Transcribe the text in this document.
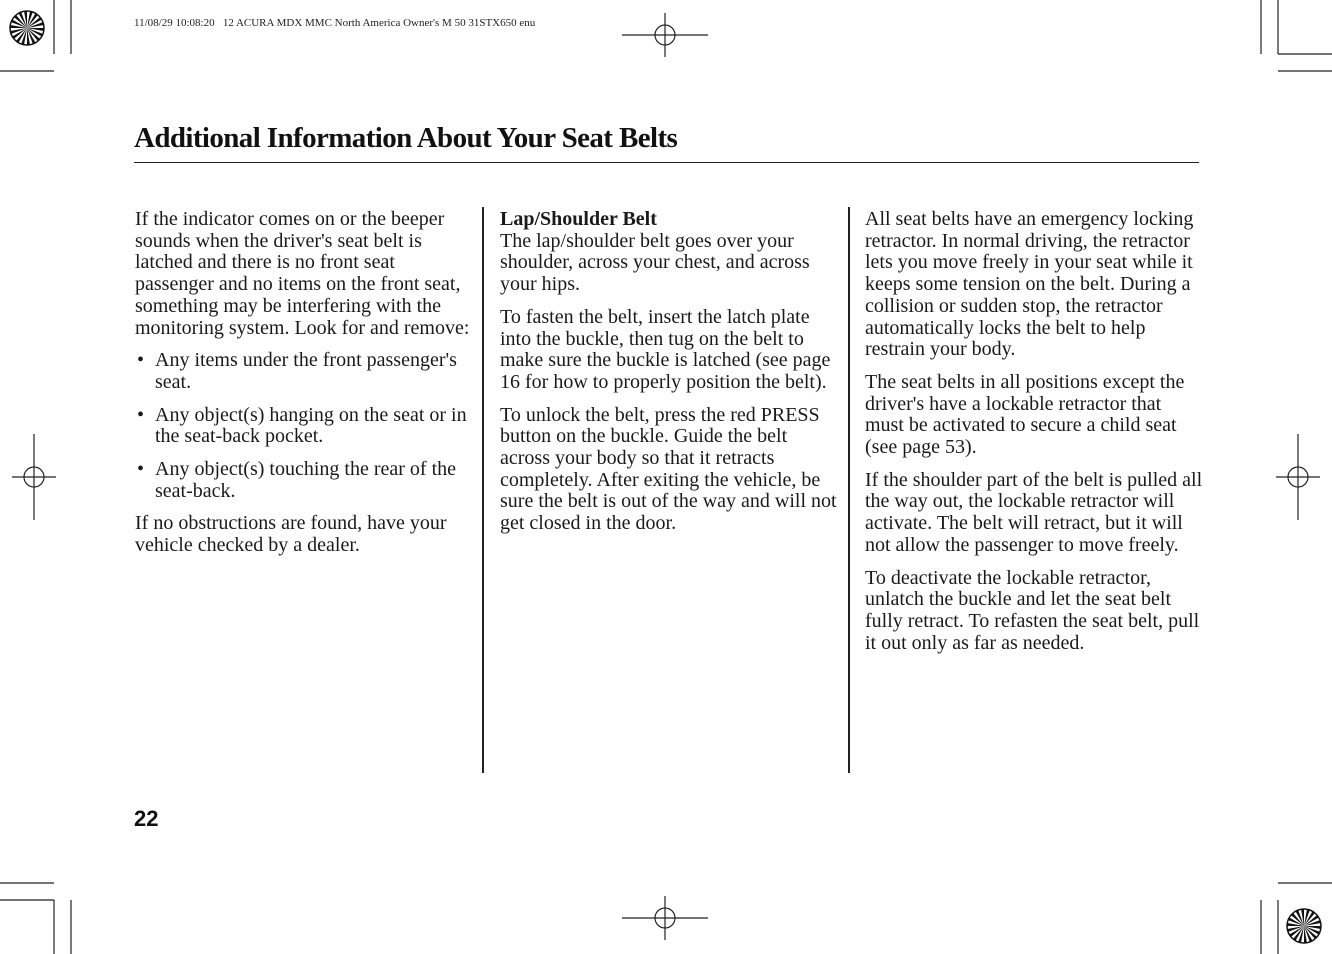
11/08/29 10:08:20   12 ACURA MDX MMC North America Owner's M 50 31STX650 enu
Additional Information About Your Seat Belts

If the indicator comes on or the beeper sounds when the driver's seat belt is latched and there is no front seat passenger and no items on the front seat, something may be interfering with the monitoring system. Look for and remove:

• Any items under the front passenger's seat.
• Any object(s) hanging on the seat or in the seat-back pocket.
• Any object(s) touching the rear of the seat-back.

If no obstructions are found, have your vehicle checked by a dealer.

Lap/Shoulder Belt
The lap/shoulder belt goes over your shoulder, across your chest, and across your hips.

To fasten the belt, insert the latch plate into the buckle, then tug on the belt to make sure the buckle is latched (see page 16 for how to properly position the belt).

To unlock the belt, press the red PRESS button on the buckle. Guide the belt across your body so that it retracts completely. After exiting the vehicle, be sure the belt is out of the way and will not get closed in the door.

All seat belts have an emergency locking retractor. In normal driving, the retractor lets you move freely in your seat while it keeps some tension on the belt. During a collision or sudden stop, the retractor automatically locks the belt to help restrain your body.

The seat belts in all positions except the driver's have a lockable retractor that must be activated to secure a child seat (see page 53).

If the shoulder part of the belt is pulled all the way out, the lockable retractor will activate. The belt will retract, but it will not allow the passenger to move freely.

To deactivate the lockable retractor, unlatch the buckle and let the seat belt fully retract. To refasten the seat belt, pull it out only as far as needed.

22
